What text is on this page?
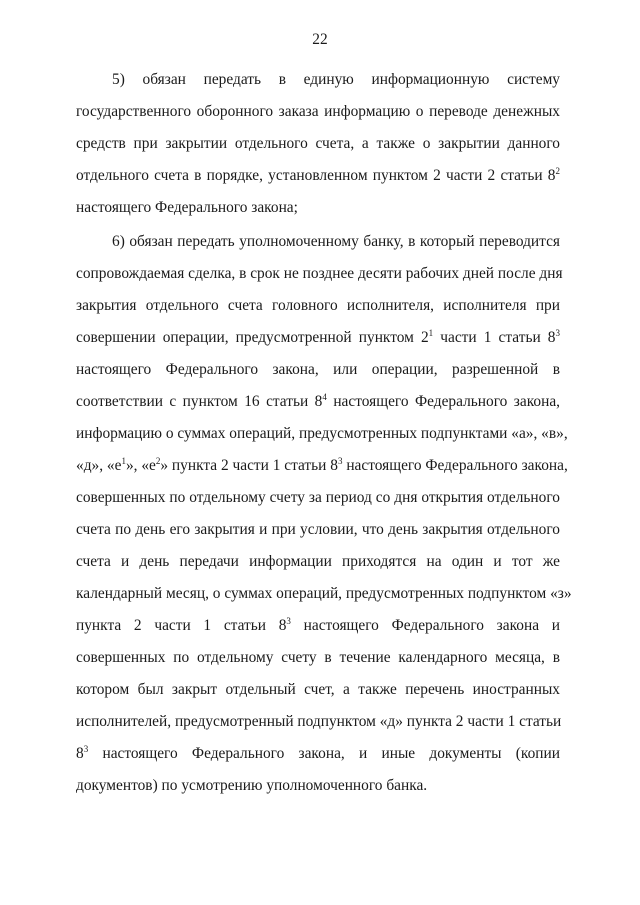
22
5) обязан передать в единую информационную систему
государственного оборонного заказа информацию о переводе денежных
средств при закрытии отдельного счета, а также о закрытии данного
отдельного счета в порядке, установленном пунктом 2 части 2 статьи $8^2$
настоящего Федерального закона;
6) обязан передать уполномоченному банку, в который переводится
сопровождаемая сделка, в срок не позднее десяти рабочих дней после дня
закрытия отдельного счета головного исполнителя, исполнителя при
совершении операции, предусмотренной пунктом $2^1$ части 1 статьи $8^3$
настоящего Федерального закона, или операции, разрешенной в
соответствии с пунктом 16 статьи $8^4$ настоящего Федерального закона,
информацию о суммах операций, предусмотренных подпунктами «а», «в»,
«д», «$е^1$», «$е^2$» пункта 2 части 1 статьи $8^3$ настоящего Федерального закона,
совершенных по отдельному счету за период со дня открытия отдельного
счета по день его закрытия и при условии, что день закрытия отдельного
счета и день передачи информации приходятся на один и тот же
календарный месяц, о суммах операций, предусмотренных подпунктом «з»
пункта 2 части 1 статьи $8^3$ настоящего Федерального закона и
совершенных по отдельному счету в течение календарного месяца, в
котором был закрыт отдельный счет, а также перечень иностранных
исполнителей, предусмотренный подпунктом «д» пункта 2 части 1 статьи
$8^3$ настоящего Федерального закона, и иные документы (копии
документов) по усмотрению уполномоченного банка.
